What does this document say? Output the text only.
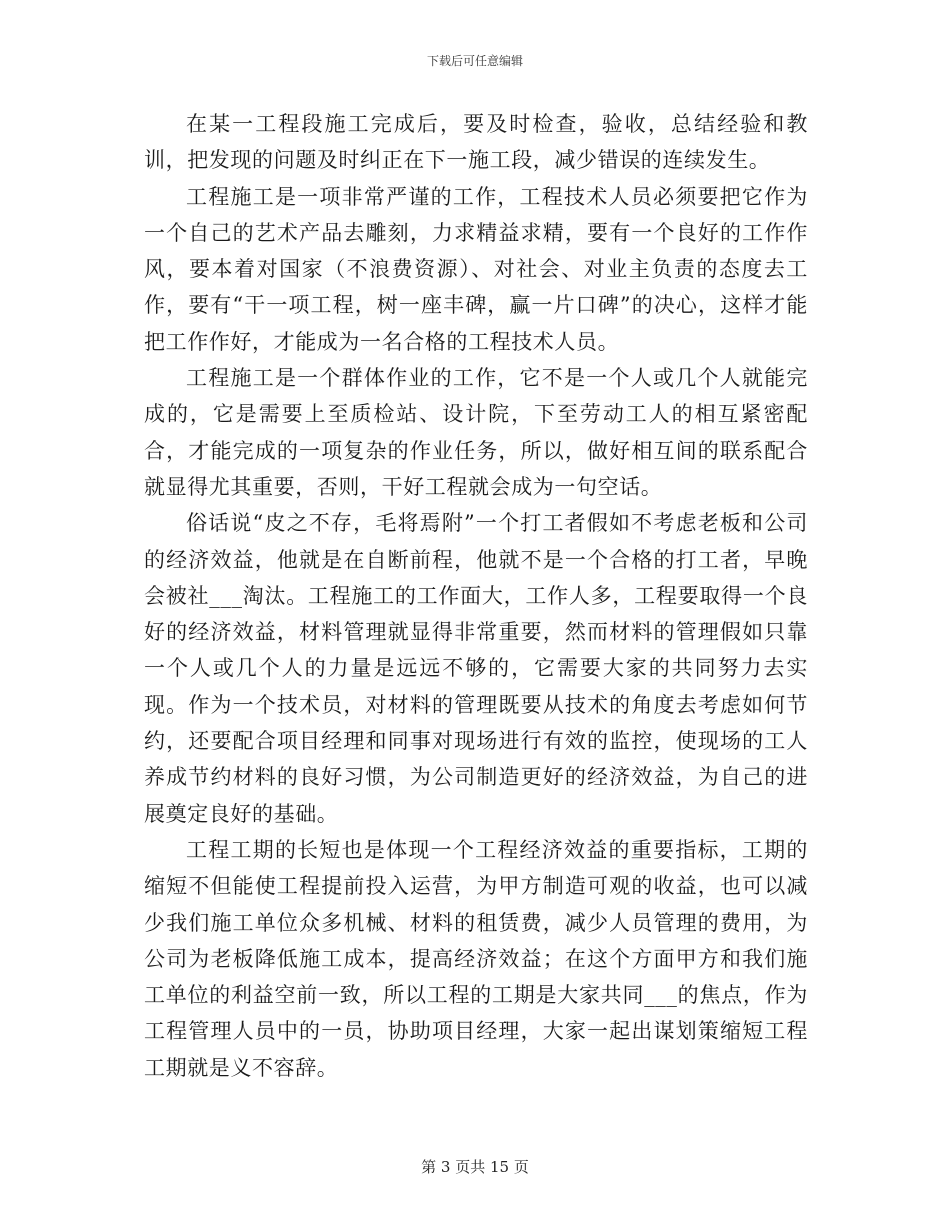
下载后可任意编辑

在某一工程段施工完成后，要及时检查，验收，总结经验和教训，把发现的问题及时纠正在下一施工段，减少错误的连续发生。

工程施工是一项非常严谨的工作，工程技术人员必须要把它作为一个自己的艺术产品去雕刻，力求精益求精，要有一个良好的工作作风，要本着对国家（不浪费资源）、对社会、对业主负责的态度去工作，要有“干一项工程，树一座丰碑，赢一片口碑”的决心，这样才能把工作作好，才能成为一名合格的工程技术人员。

工程施工是一个群体作业的工作，它不是一个人或几个人就能完成的，它是需要上至质检站、设计院，下至劳动工人的相互紧密配合，才能完成的一项复杂的作业任务，所以，做好相互间的联系配合就显得尤其重要，否则，干好工程就会成为一句空话。

俗话说“皮之不存，毛将焉附”一个打工者假如不考虑老板和公司的经济效益，他就是在自断前程，他就不是一个合格的打工者，早晚会被社___淘汰。工程施工的工作面大，工作人多，工程要取得一个良好的经济效益，材料管理就显得非常重要，然而材料的管理假如只靠一个人或几个人的力量是远远不够的，它需要大家的共同努力去实现。作为一个技术员，对材料的管理既要从技术的角度去考虑如何节约，还要配合项目经理和同事对现场进行有效的监控，使现场的工人养成节约材料的良好习惯，为公司制造更好的经济效益，为自己的进展奠定良好的基础。

工程工期的长短也是体现一个工程经济效益的重要指标，工期的缩短不但能使工程提前投入运营，为甲方制造可观的收益，也可以减少我们施工单位众多机械、材料的租赁费，减少人员管理的费用，为公司为老板降低施工成本，提高经济效益；在这个方面甲方和我们施工单位的利益空前一致，所以工程的工期是大家共同___的焦点，作为工程管理人员中的一员，协助项目经理，大家一起出谋划策缩短工程工期就是义不容辞。

第 3 页共 15 页
